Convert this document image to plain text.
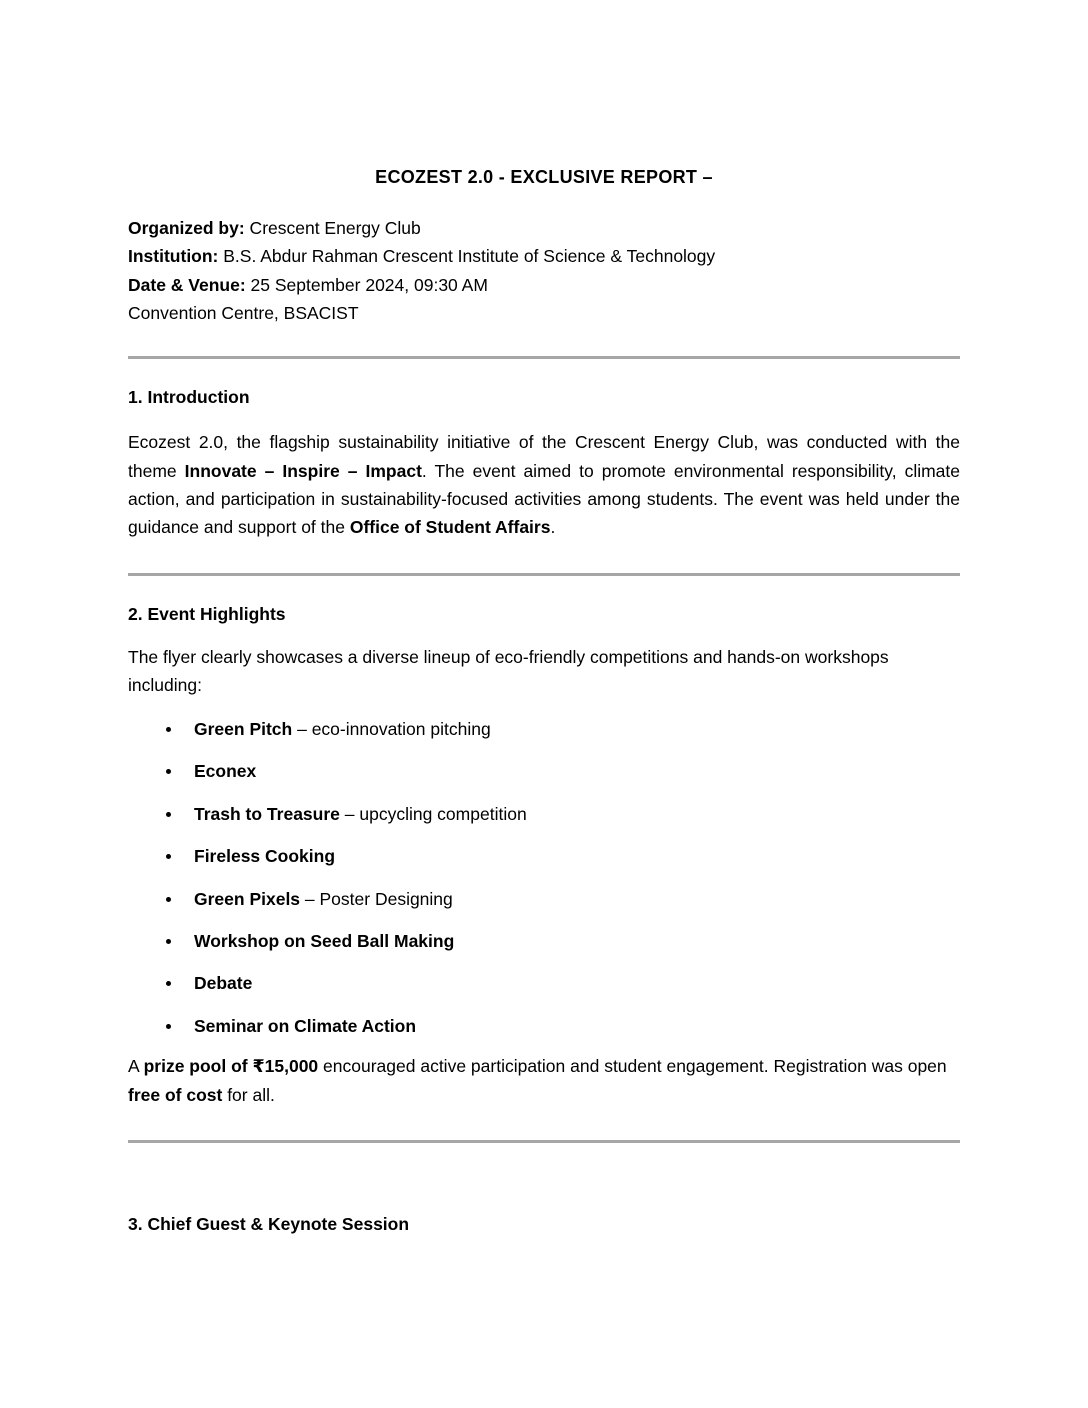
ECOZEST 2.0 - EXCLUSIVE REPORT –
Organized by: Crescent Energy Club
Institution: B.S. Abdur Rahman Crescent Institute of Science & Technology
Date & Venue: 25 September 2024, 09:30 AM
Convention Centre, BSACIST
1. Introduction

Ecozest 2.0, the flagship sustainability initiative of the Crescent Energy Club, was conducted with the theme Innovate – Inspire – Impact. The event aimed to promote environmental responsibility, climate action, and participation in sustainability-focused activities among students. The event was held under the guidance and support of the Office of Student Affairs.

2. Event Highlights

The flyer clearly showcases a diverse lineup of eco-friendly competitions and hands-on workshops including:

Green Pitch – eco-innovation pitching
Econex
Trash to Treasure – upcycling competition
Fireless Cooking
Green Pixels – Poster Designing
Workshop on Seed Ball Making
Debate
Seminar on Climate Action

A prize pool of ₹15,000 encouraged active participation and student engagement. Registration was open free of cost for all.

3. Chief Guest & Keynote Session
